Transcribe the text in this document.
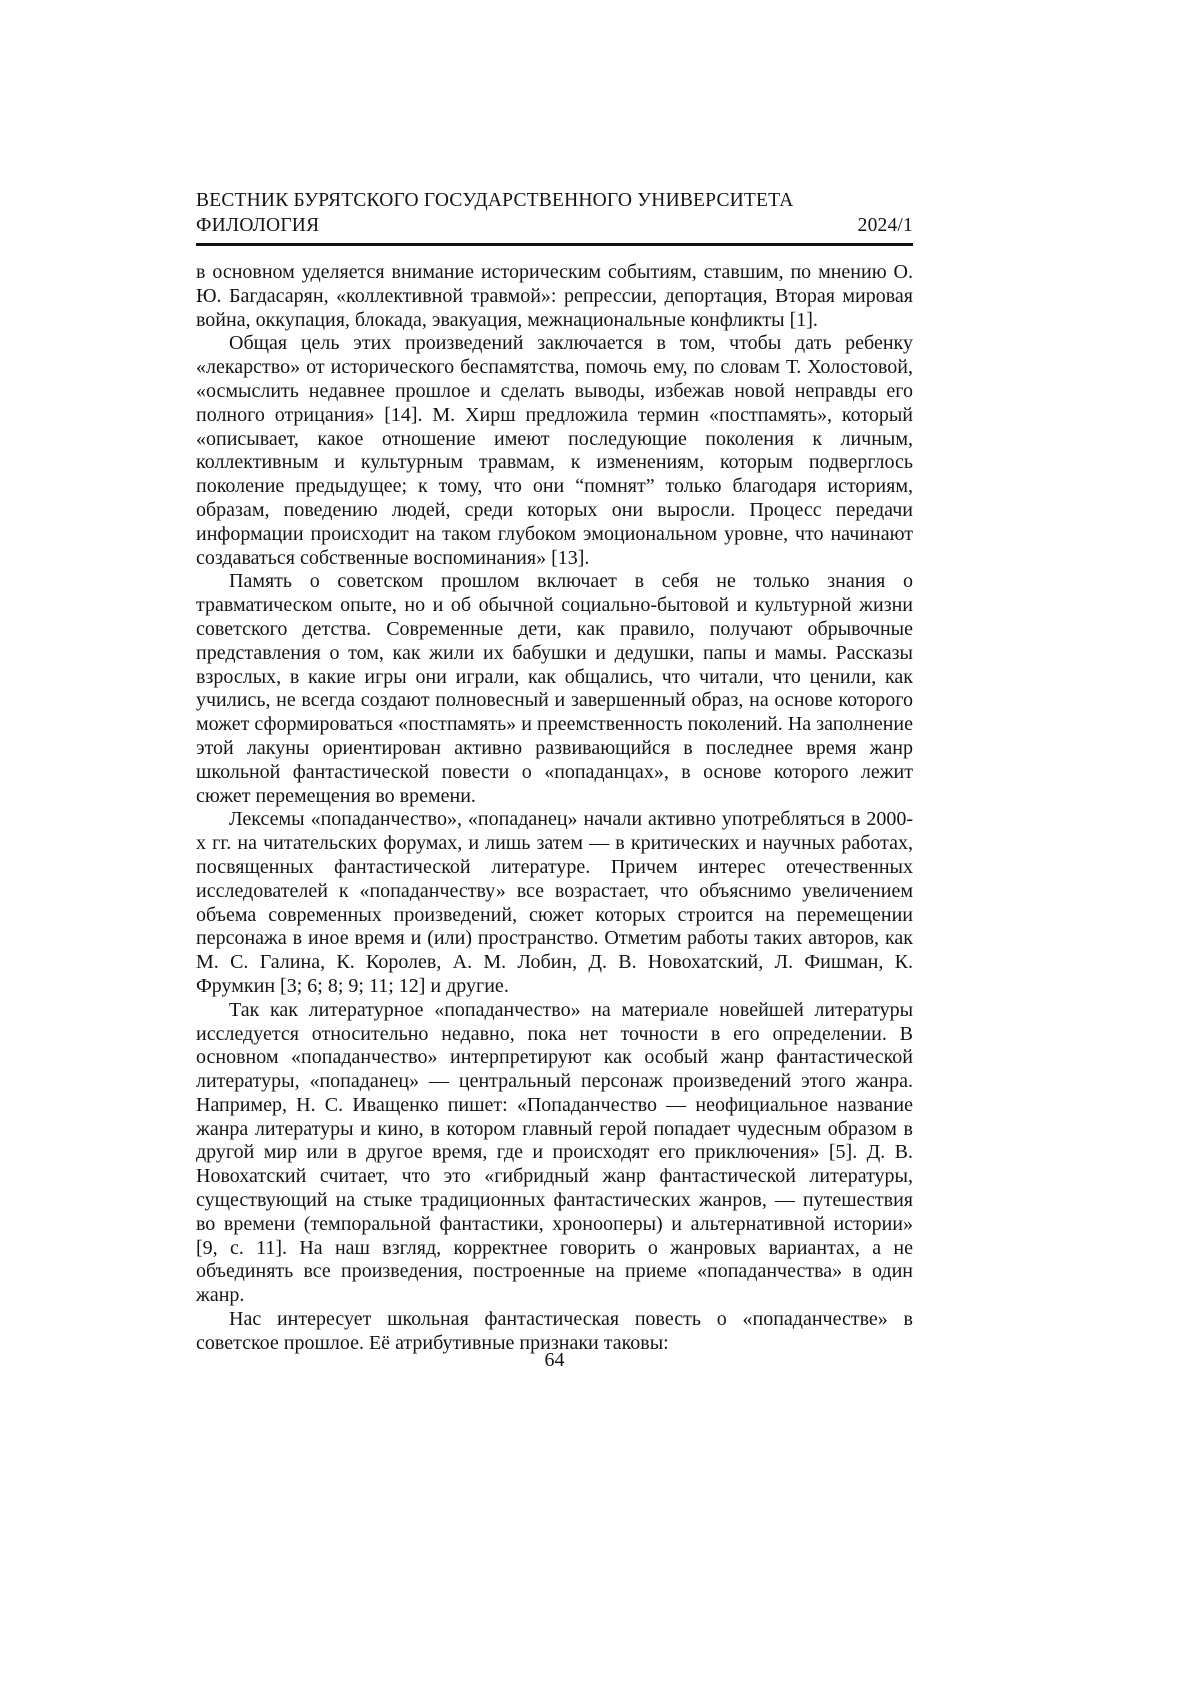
ВЕСТНИК БУРЯТСКОГО ГОСУДАРСТВЕННОГО УНИВЕРСИТЕТА
ФИЛОЛОГИЯ	2024/1

в основном уделяется внимание историческим событиям, ставшим, по мнению О. Ю. Багдасарян, «коллективной травмой»: репрессии, депортация, Вторая мировая война, оккупация, блокада, эвакуация, межнациональные конфликты [1].

Общая цель этих произведений заключается в том, чтобы дать ребенку «лекарство» от исторического беспамятства, помочь ему, по словам Т. Холостовой, «осмыслить недавнее прошлое и сделать выводы, избежав новой неправды его полного отрицания» [14]. М. Хирш предложила термин «постпамять», который «описывает, какое отношение имеют последующие поколения к личным, коллективным и культурным травмам, к изменениям, которым подверглось поколение предыдущее; к тому, что они “помнят” только благодаря историям, образам, поведению людей, среди которых они выросли. Процесс передачи информации происходит на таком глубоком эмоциональном уровне, что начинают создаваться собственные воспоминания» [13].

Память о советском прошлом включает в себя не только знания о травматическом опыте, но и об обычной социально-бытовой и культурной жизни советского детства. Современные дети, как правило, получают обрывочные представления о том, как жили их бабушки и дедушки, папы и мамы. Рассказы взрослых, в какие игры они играли, как общались, что читали, что ценили, как учились, не всегда создают полновесный и завершенный образ, на основе которого может сформироваться «постпамять» и преемственность поколений. На заполнение этой лакуны ориентирован активно развивающийся в последнее время жанр школьной фантастической повести о «попаданцах», в основе которого лежит сюжет перемещения во времени.

Лексемы «попаданчество», «попаданец» начали активно употребляться в 2000-х гг. на читательских форумах, и лишь затем — в критических и научных работах, посвященных фантастической литературе. Причем интерес отечественных исследователей к «попаданчеству» все возрастает, что объяснимо увеличением объема современных произведений, сюжет которых строится на перемещении персонажа в иное время и (или) пространство. Отметим работы таких авторов, как М. С. Галина, К. Королев, А. М. Лобин, Д. В. Новохатский, Л. Фишман, К. Фрумкин [3; 6; 8; 9; 11; 12] и другие.

Так как литературное «попаданчество» на материале новейшей литературы исследуется относительно недавно, пока нет точности в его определении. В основном «попаданчество» интерпретируют как особый жанр фантастической литературы, «попаданец» — центральный персонаж произведений этого жанра. Например, Н. С. Иващенко пишет: «Попаданчество — неофициальное название жанра литературы и кино, в котором главный герой попадает чудесным образом в другой мир или в другое время, где и происходят его приключения» [5]. Д. В. Новохатский считает, что это «гибридный жанр фантастической литературы, существующий на стыке традиционных фантастических жанров, — путешествия во времени (темпоральной фантастики, хронооперы) и альтернативной истории» [9, с. 11]. На наш взгляд, корректнее говорить о жанровых вариантах, а не объединять все произведения, построенные на приеме «попаданчества» в один жанр.

Нас интересует школьная фантастическая повесть о «попаданчестве» в советское прошлое. Её атрибутивные признаки таковы:

64
